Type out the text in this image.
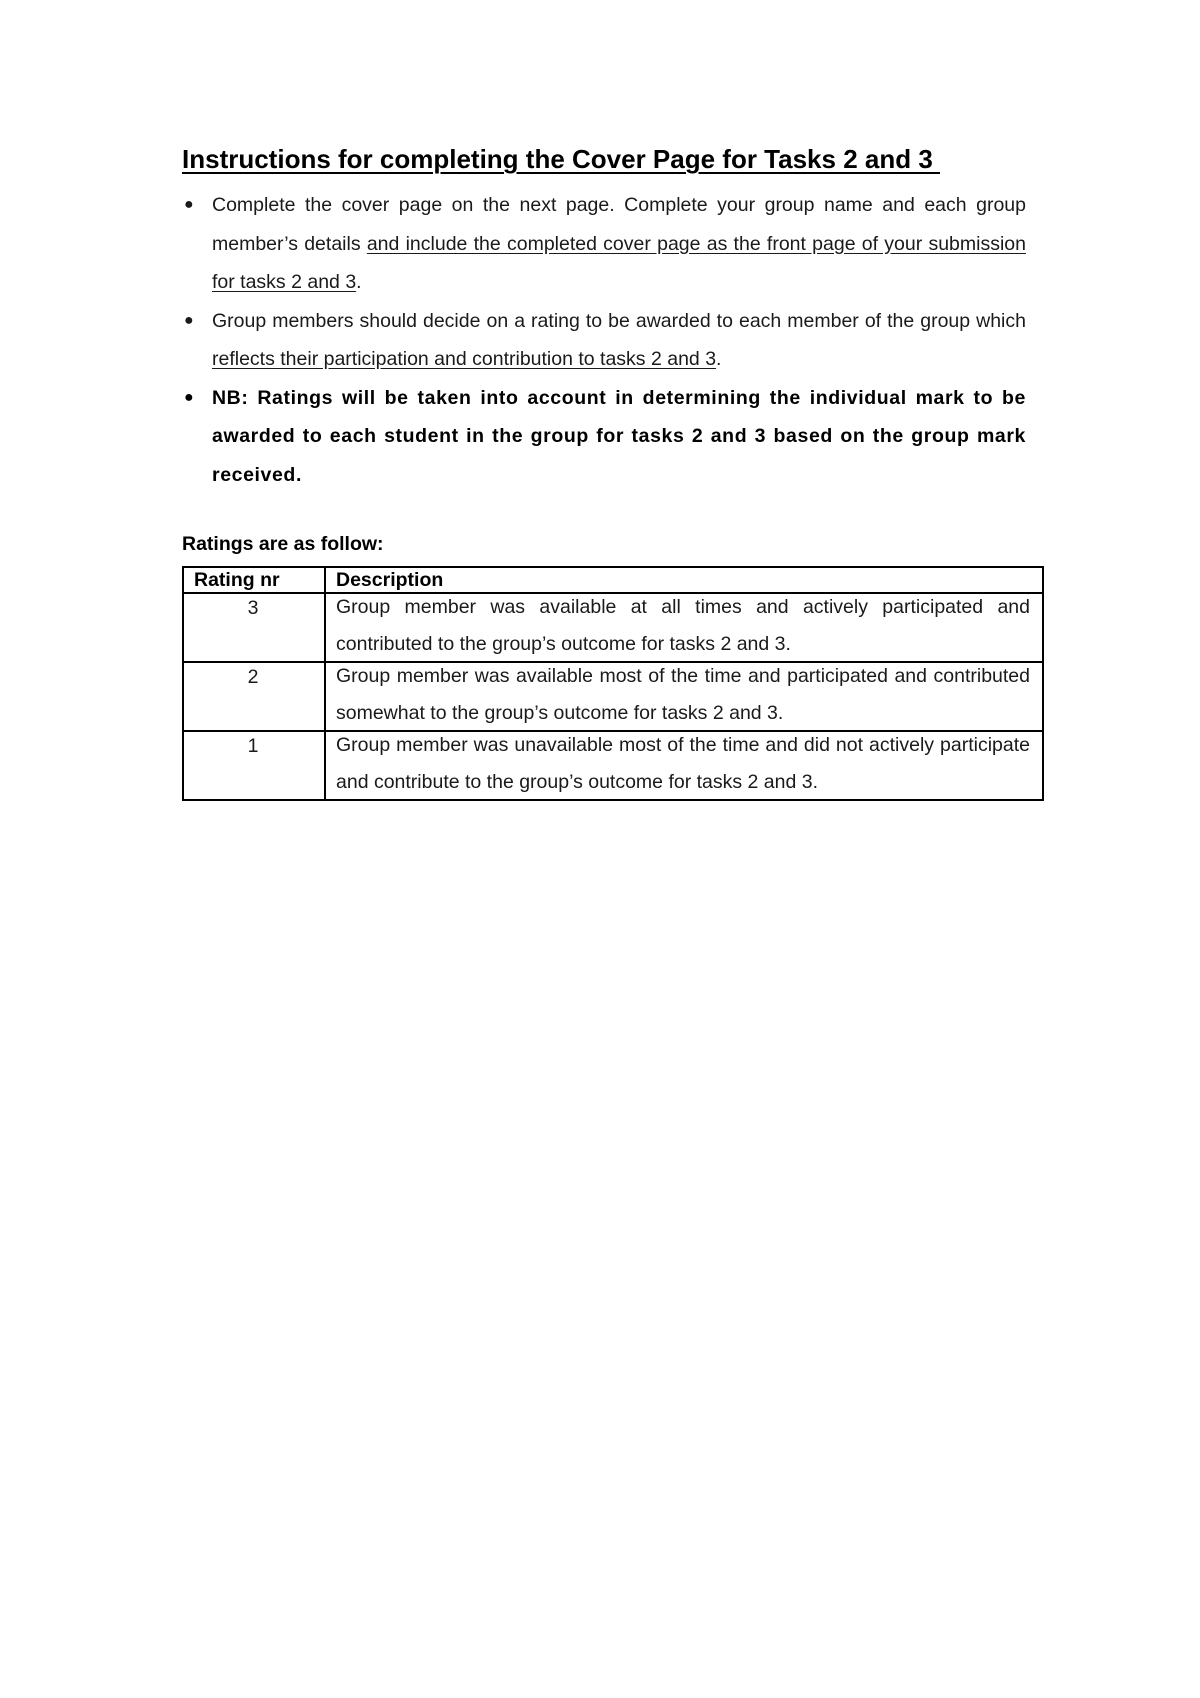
Instructions for completing the Cover Page for Tasks 2 and 3
● Complete the cover page on the next page. Complete your group name and each group member’s details and include the completed cover page as the front page of your submission for tasks 2 and 3.
● Group members should decide on a rating to be awarded to each member of the group which reflects their participation and contribution to tasks 2 and 3.
● NB: Ratings will be taken into account in determining the individual mark to be awarded to each student in the group for tasks 2 and 3 based on the group mark received.
Ratings are as follow:
Rating nr	Description
3	Group member was available at all times and actively participated and contributed to the group’s outcome for tasks 2 and 3.

2	Group member was available most of the time and participated and contributed somewhat to the group’s outcome for tasks 2 and 3.

1	Group member was unavailable most of the time and did not actively participate and contribute to the group’s outcome for tasks 2 and 3.
